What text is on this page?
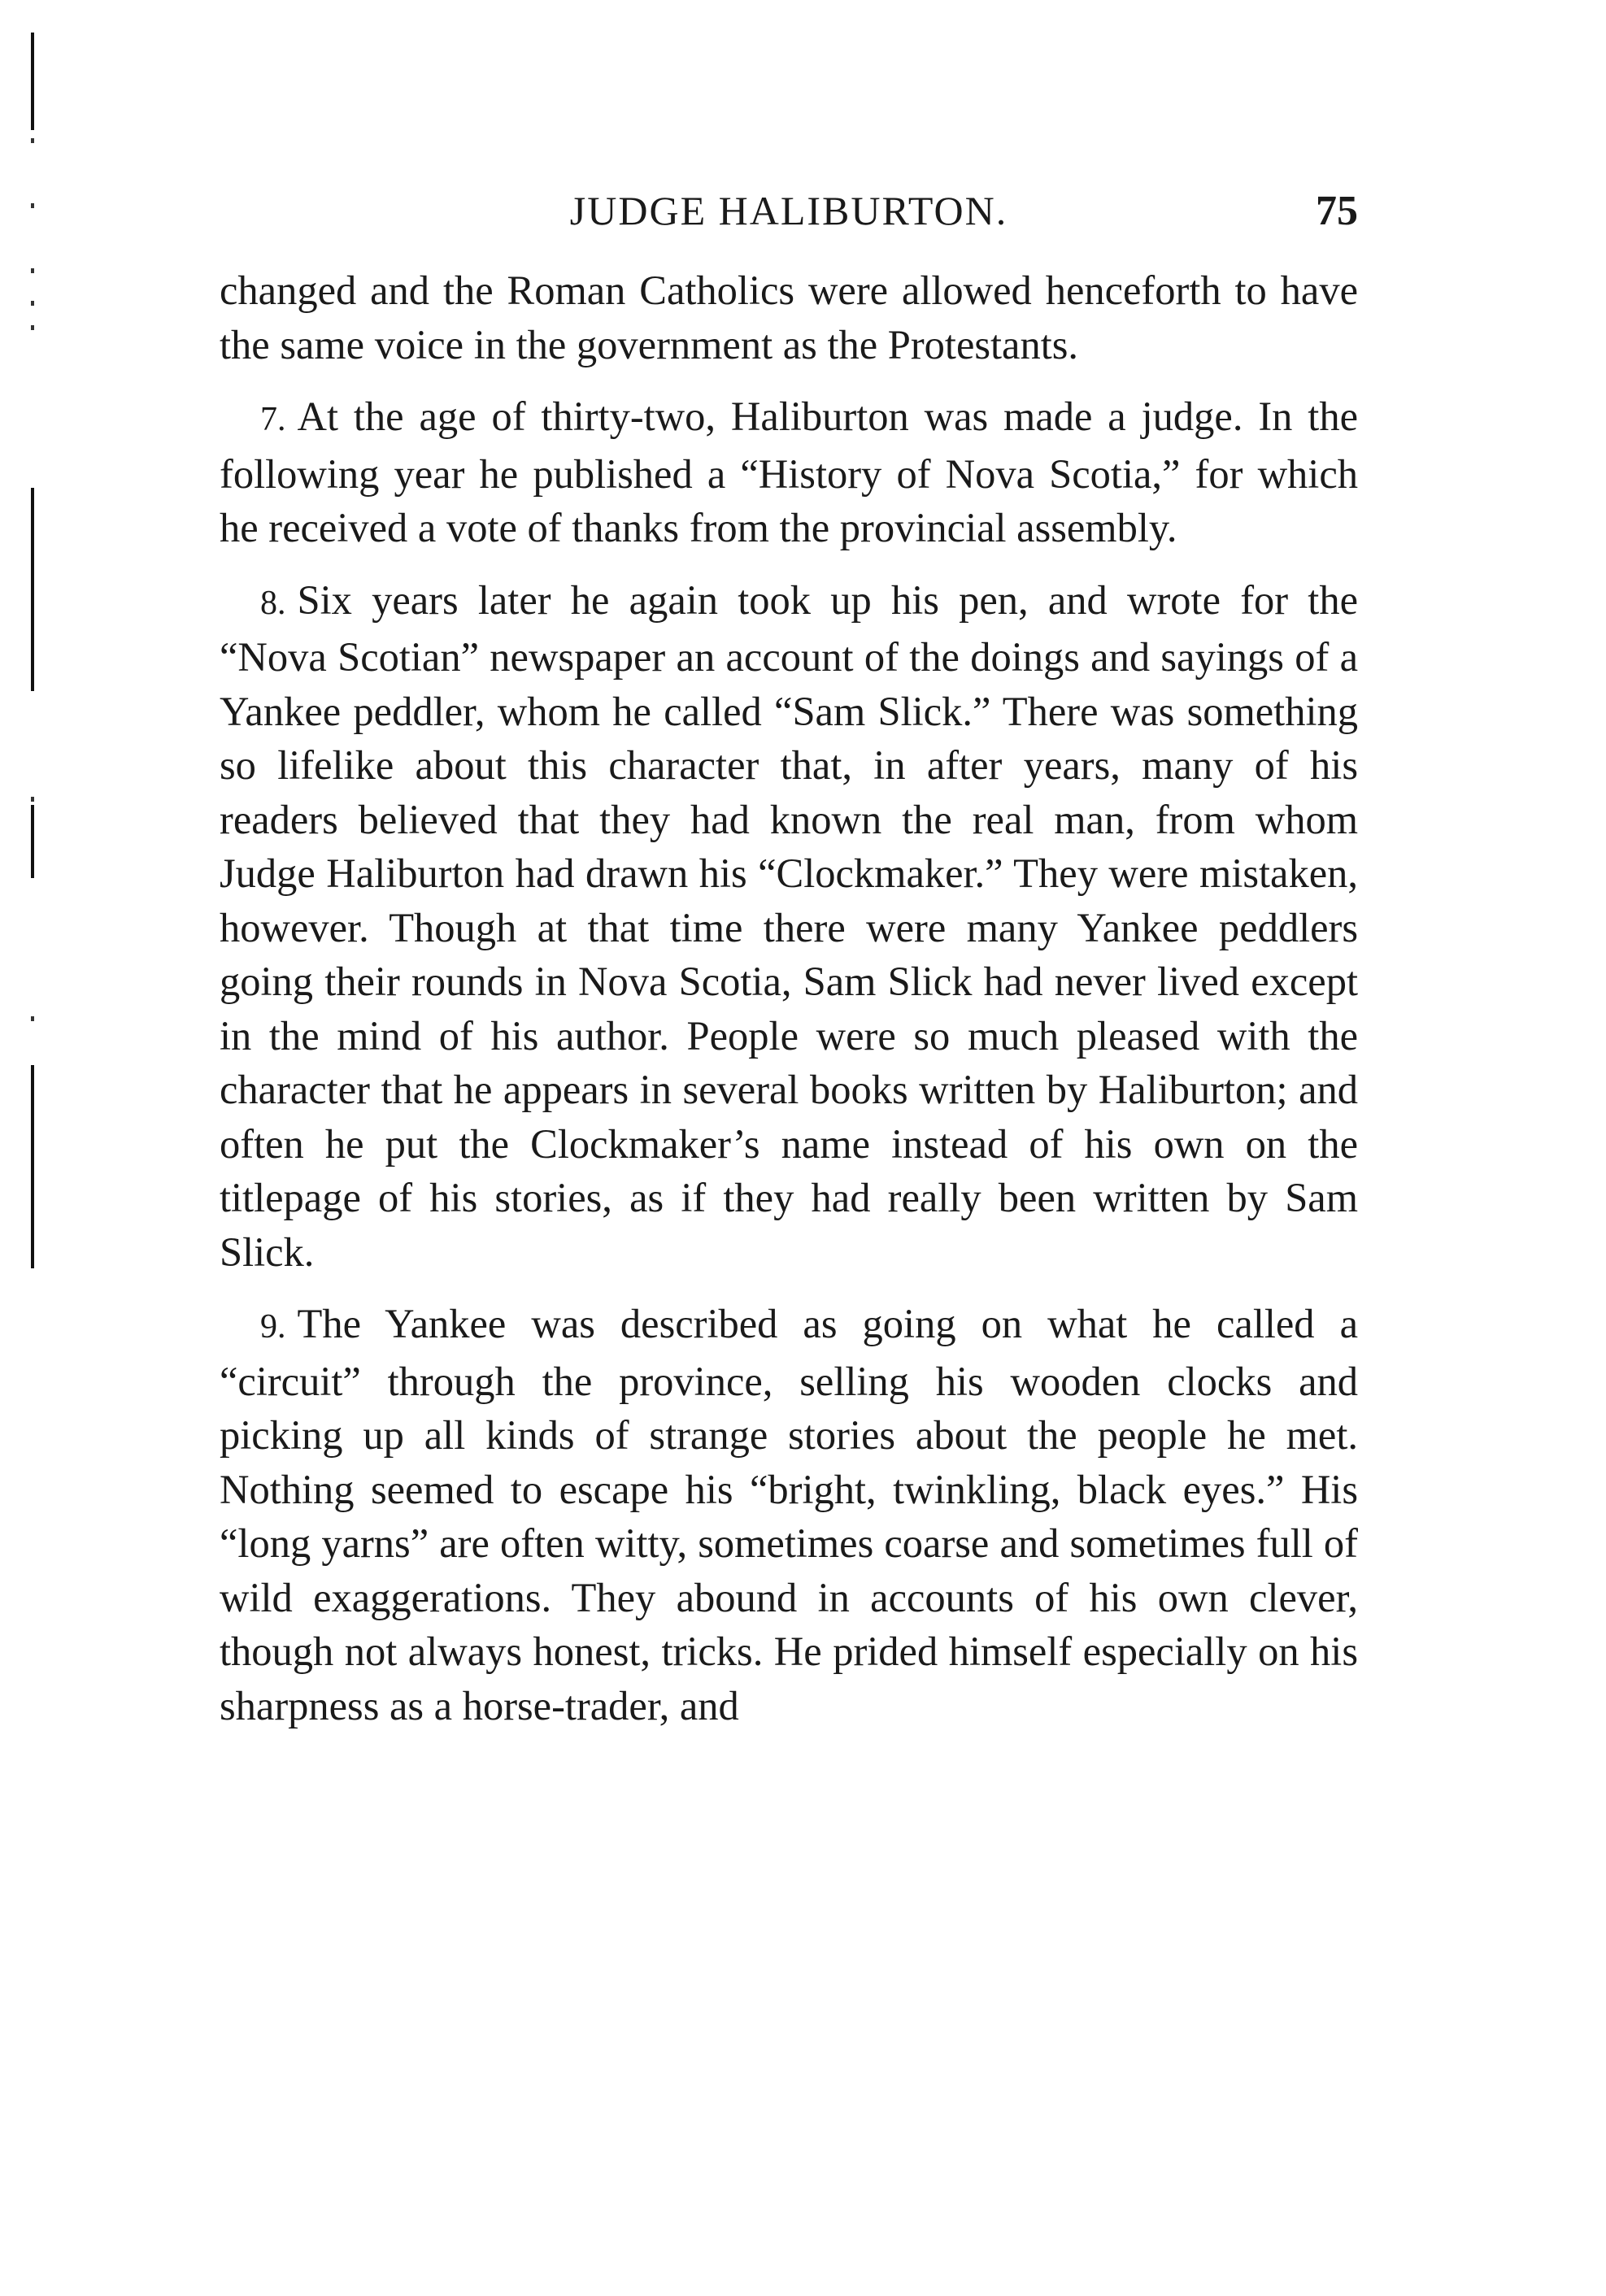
JUDGE HALIBURTON.	75

changed and the Roman Catholics were allowed henceforth to have the same voice in the government as the Protestants.

7. At the age of thirty-two, Haliburton was made a judge. In the following year he published a “History of Nova Scotia,” for which he received a vote of thanks from the provincial assembly.

8. Six years later he again took up his pen, and wrote for the “Nova Scotian” newspaper an account of the doings and sayings of a Yankee peddler, whom he called “Sam Slick.” There was something so lifelike about this character that, in after years, many of his readers believed that they had known the real man, from whom Judge Haliburton had drawn his “Clockmaker.” They were mistaken, however. Though at that time there were many Yankee peddlers going their rounds in Nova Scotia, Sam Slick had never lived except in the mind of his author. People were so much pleased with the character that he appears in several books written by Haliburton; and often he put the Clockmaker’s name instead of his own on the titlepage of his stories, as if they had really been written by Sam Slick.

9. The Yankee was described as going on what he called a “circuit” through the province, selling his wooden clocks and picking up all kinds of strange stories about the people he met. Nothing seemed to escape his “bright, twinkling, black eyes.” His “long yarns” are often witty, sometimes coarse and sometimes full of wild exaggerations. They abound in accounts of his own clever, though not always honest, tricks. He prided himself especially on his sharpness as a horse-trader, and
